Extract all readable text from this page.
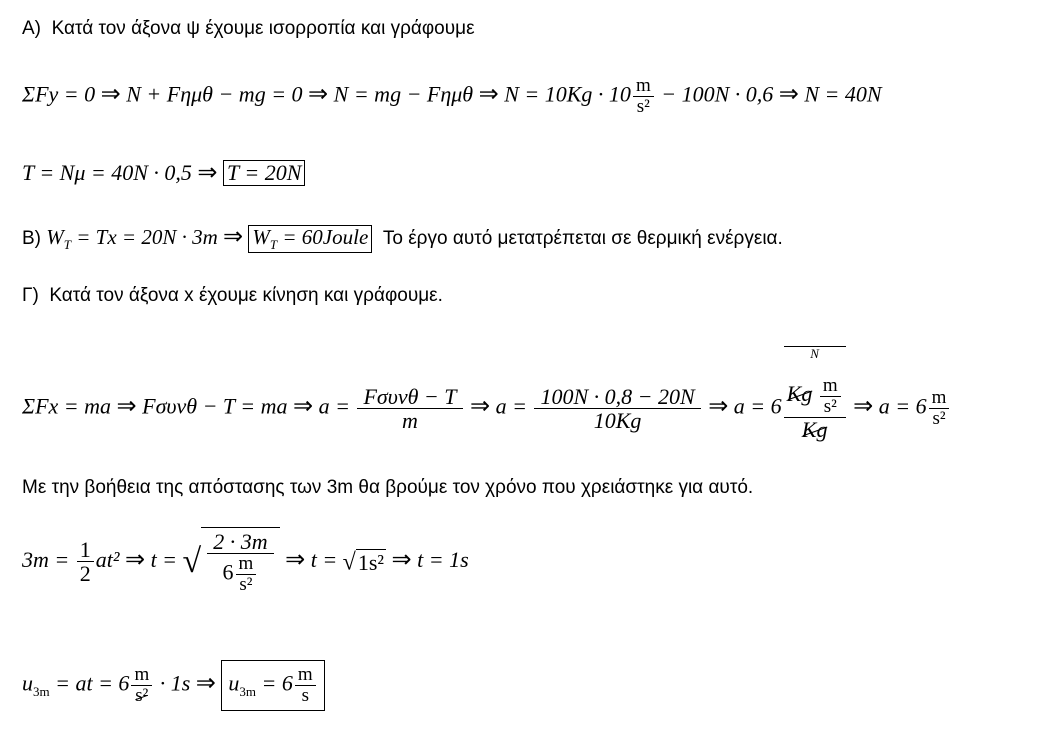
Α) Κατά τον άξονα ψ έχουμε ισορροπία και γράφουμε
ΣFy = 0 ⇒ N + Fημθ − mg = 0 ⇒ N = mg − Fημθ ⇒ $N = 10Kg \cdot 10 \frac{m}{\text{s²}} - 100N \cdot 0,6$ ⇒ N = 40N
T = Nμ = 40N · 0,5 ⇒ T = 20N
Β) $W_T = Tx = 20N \cdot 3m$ ⇒ $W_T$ = 60Joule Το έργο αυτό μετατρέπεται σε θερμική ενέργεια.
Γ) Κατά τον άξονα x έχουμε κίνηση και γράφουμε.
ΣFx = ma ⇒ Fσυνθ − T = ma ⇒ $a = \frac{\text{Fσυνθ − T}}{m}$ ⇒ $a = \frac{100N \cdot 0,8 - 20N}{10Kg}$ ⇒ a = 6 N
Kg $\frac{m}{\text{s²}}$
Kg ⇒ $a = 6 \frac{m}{\text{s²}}$
Με την βοήθεια της απόστασης των 3m θα βρούμε τον χρόνο που χρειάστηκε για αυτό.
$3m = \frac{1}{2} at^2$ ⇒ t = √ $\frac{2 \cdot 3m}{6 \frac{m}{\text{s²}}}$ ⇒ t = √1s² ⇒ t = 1s
$u_{3m}$ = at = $6 \frac{m}{\text{s²}} \cdot 1s$ ⇒ $u_{3m} = 6 \frac{m}{s}$
